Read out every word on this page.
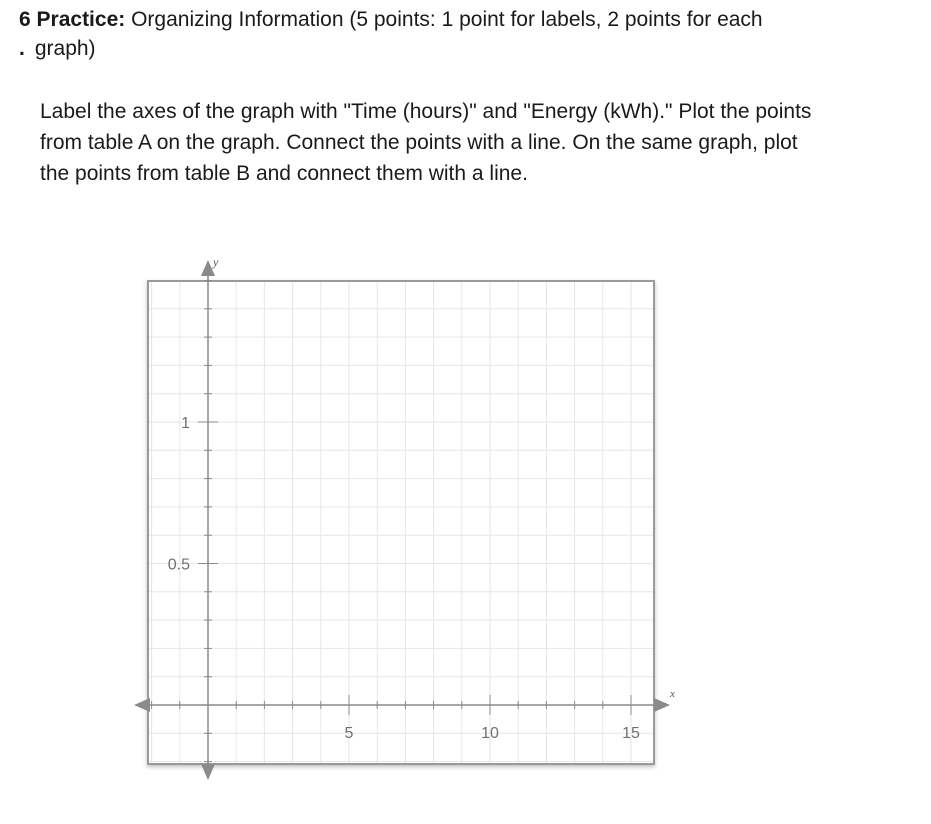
6 Practice: Organizing Information (5 points: 1 point for labels, 2 points for each
. graph)

Label the axes of the graph with "Time (hours)" and "Energy (kWh)." Plot the points
from table A on the graph. Connect the points with a line. On the same graph, plot
the points from table B and connect them with a line.

5	10	15
0.5
1
x
y
